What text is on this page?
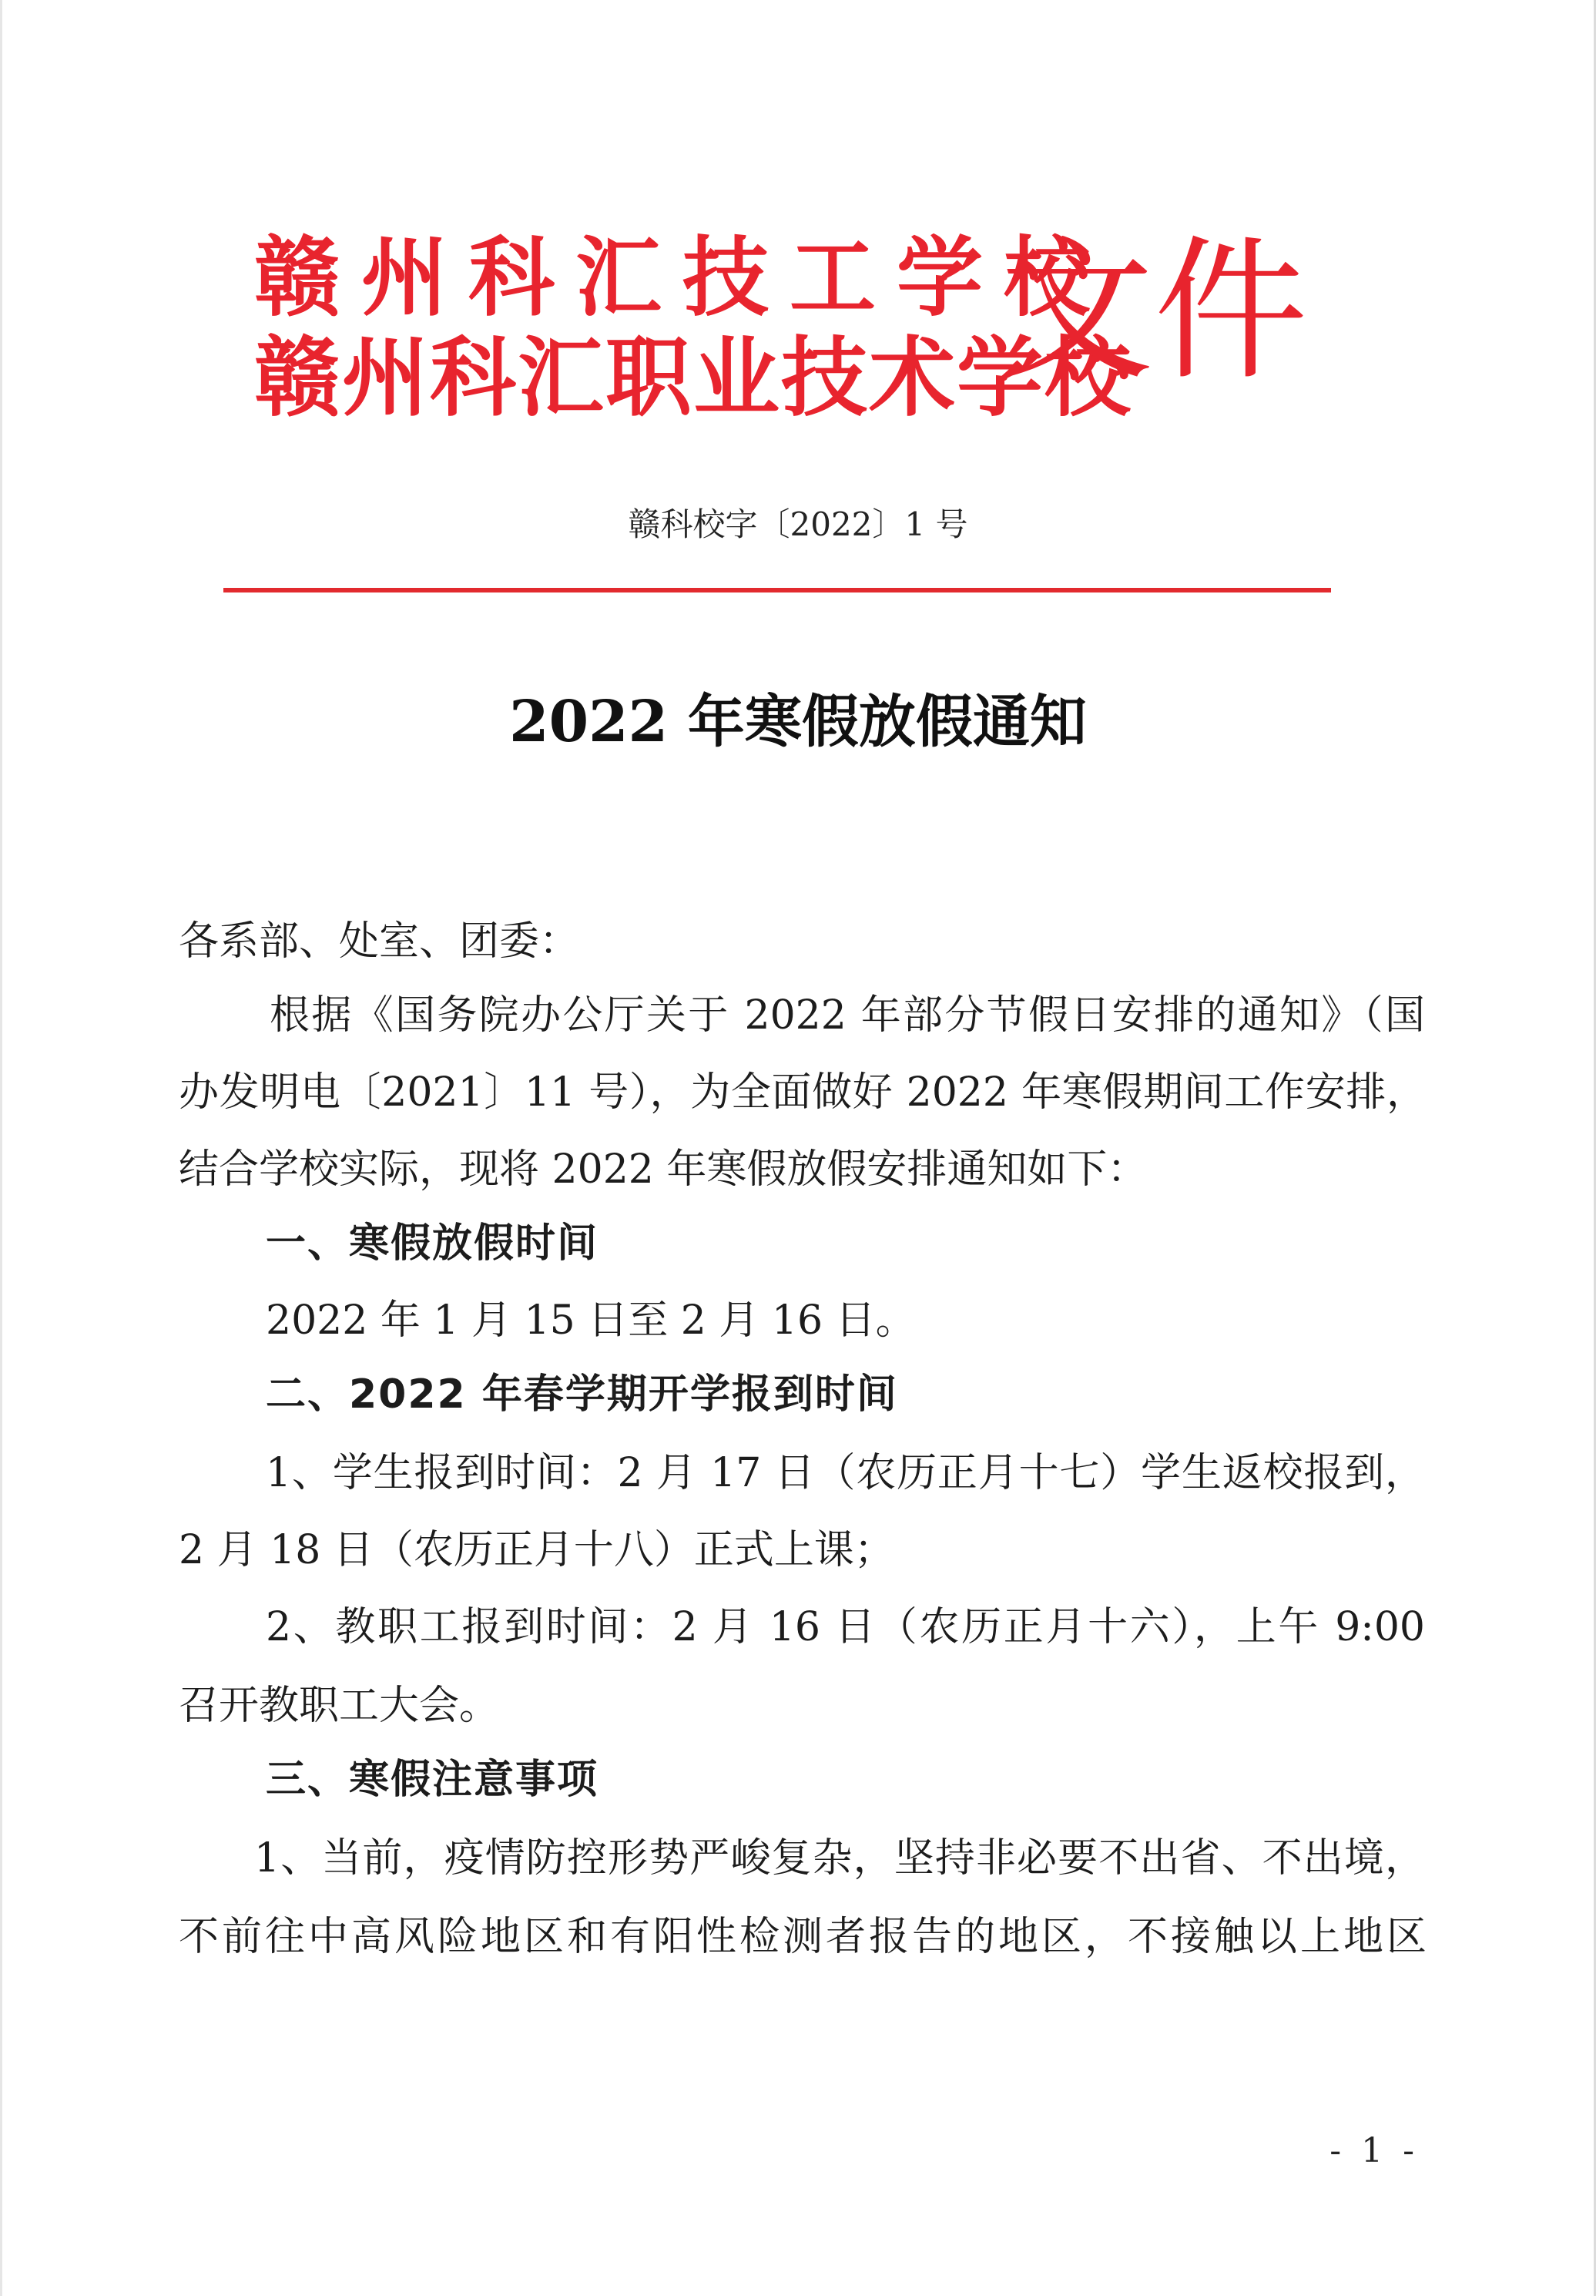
赣州科汇技工学校
赣州科汇职业技术学校
文件
赣科校字〔2022〕1 号
2022 年寒假放假通知
各系部、处室、团委：
根据《国务院办公厅关于 2022 年部分节假日安排的通知》（国
办发明电〔2021〕11 号），为全面做好 2022 年寒假期间工作安排，
结合学校实际，现将 2022 年寒假放假安排通知如下：
一、寒假放假时间
2022 年 1 月 15 日至 2 月 16 日。
二、2022 年春学期开学报到时间
1、学生报到时间：2 月 17 日（农历正月十七）学生返校报到，
2 月 18 日（农历正月十八）正式上课；
2、教职工报到时间：2 月 16 日（农历正月十六），上午 9:00
召开教职工大会。
三、寒假注意事项
1、当前，疫情防控形势严峻复杂，坚持非必要不出省、不出境，
不前往中高风险地区和有阳性检测者报告的地区，不接触以上地区
- 1 -
